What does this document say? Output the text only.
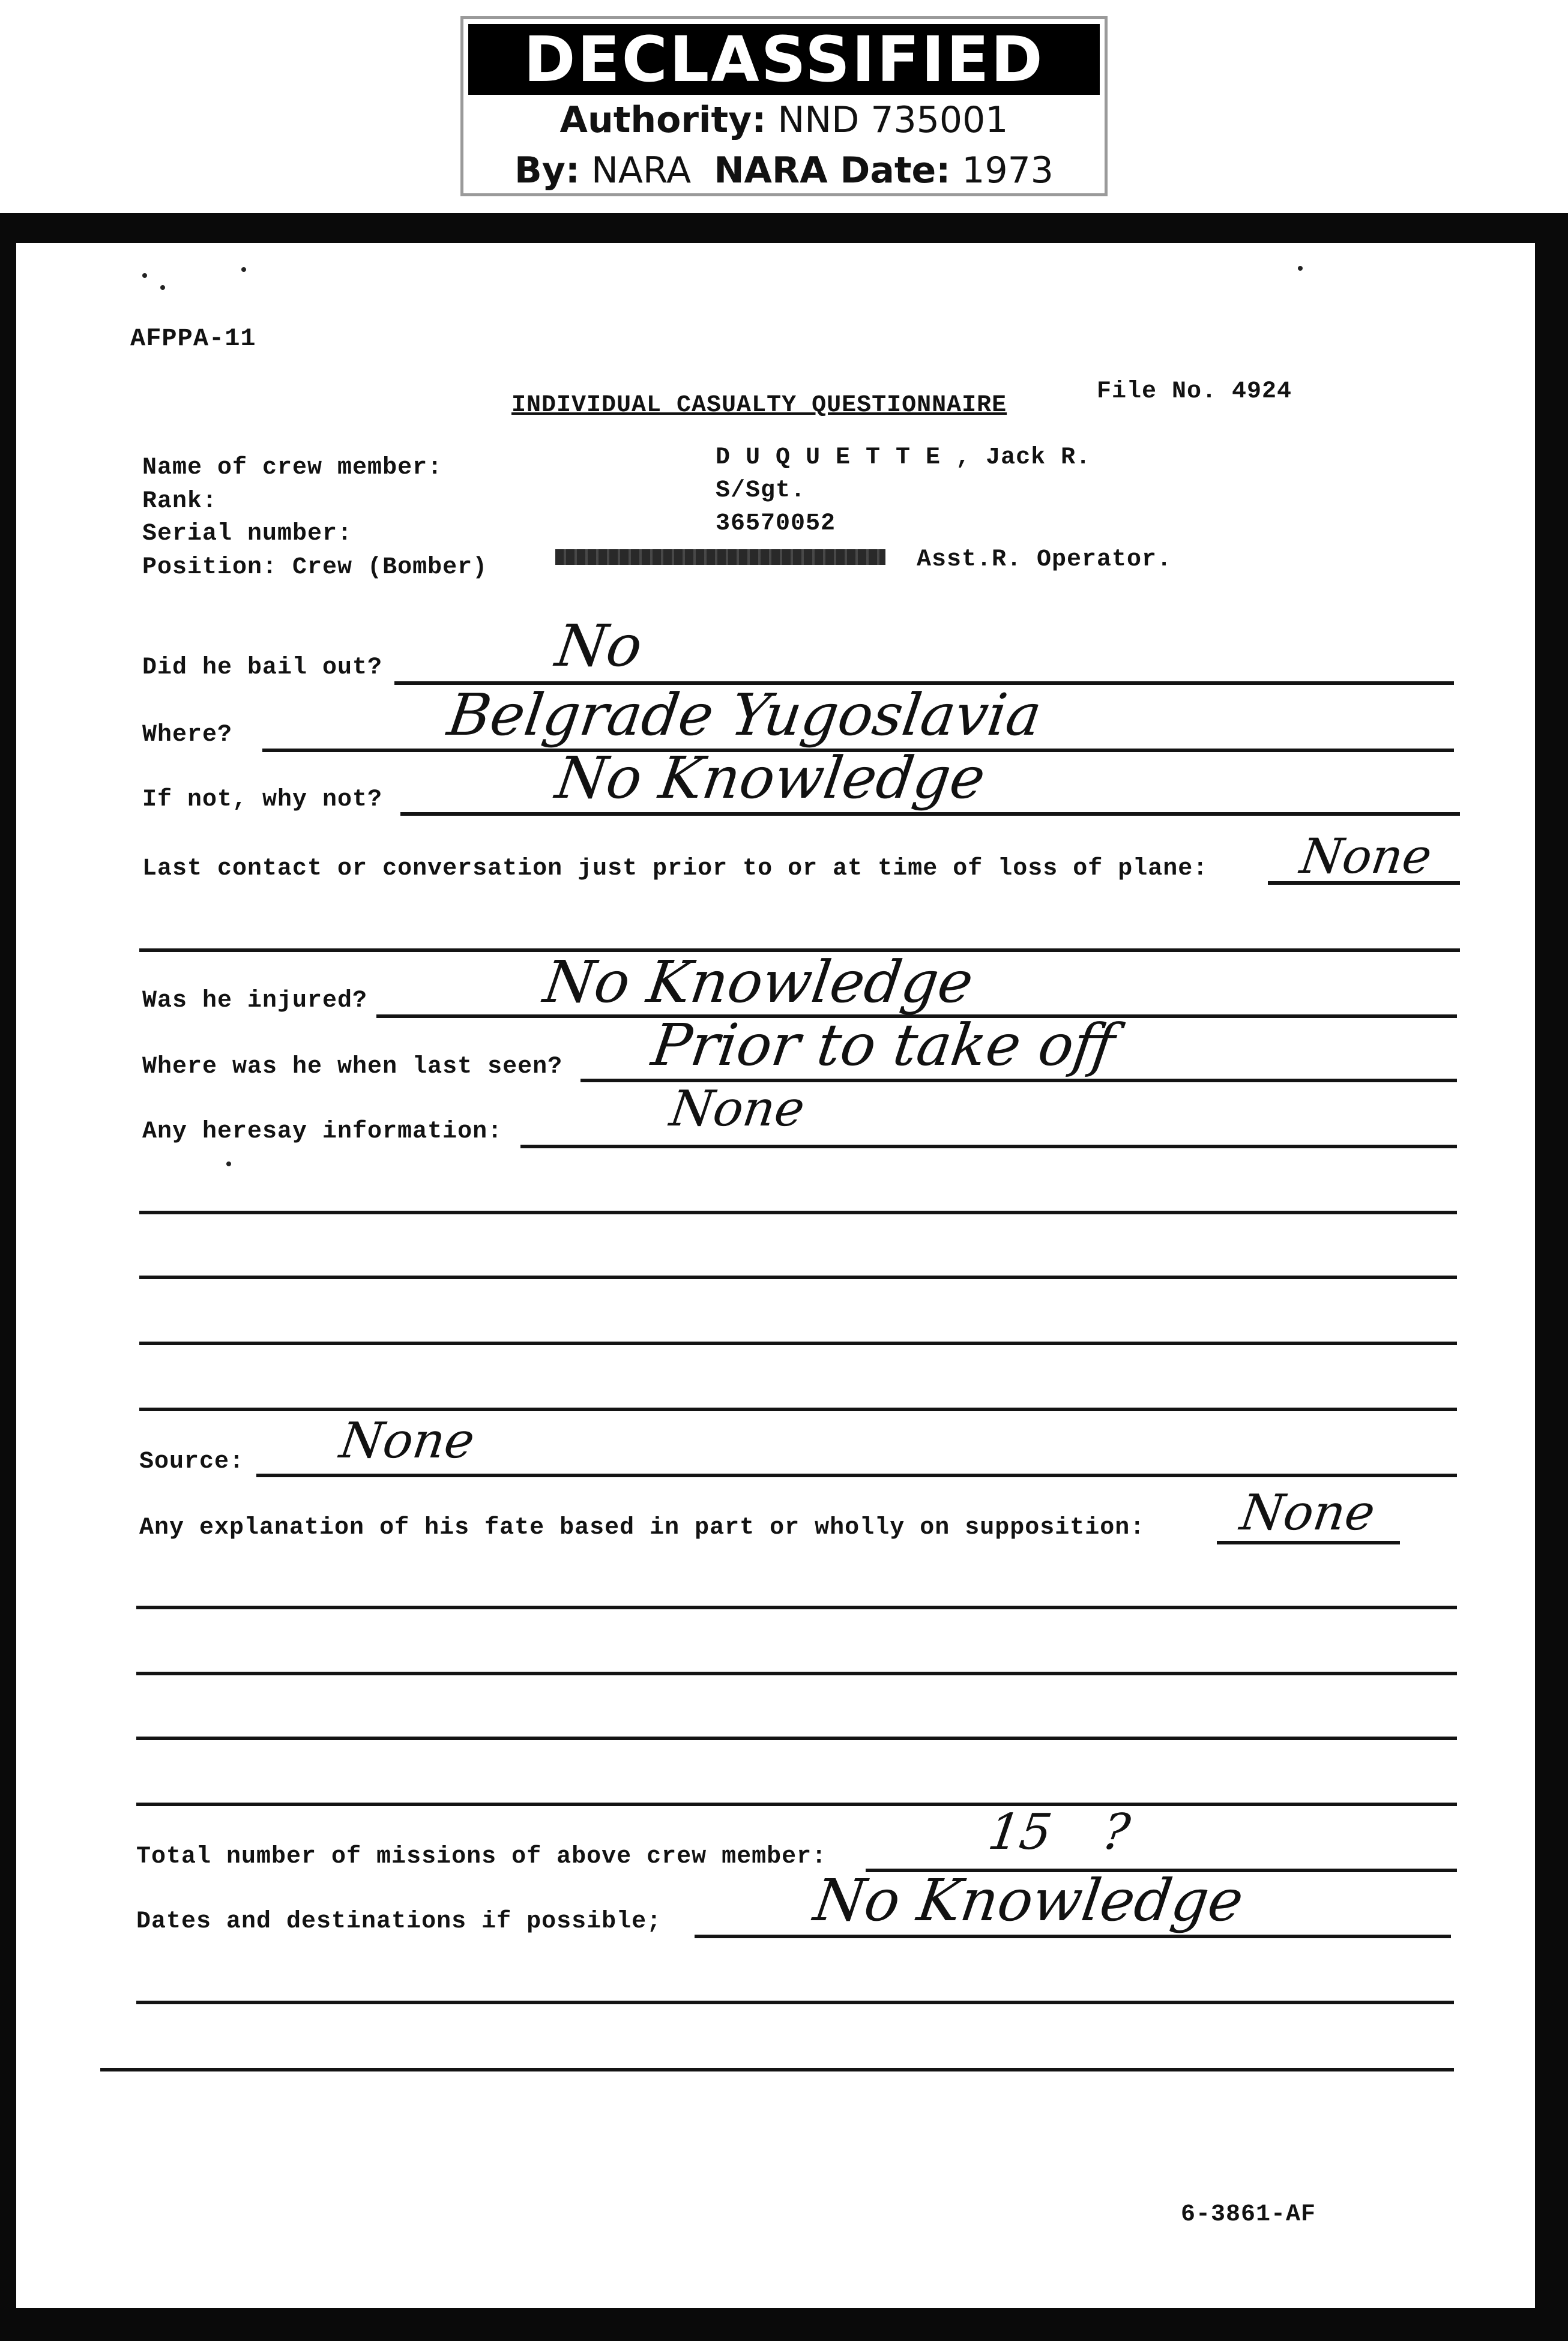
DECLASSIFIED
Authority: NND 735001
By: NARA NARA Date: 1973
AFPPA-11
INDIVIDUAL CASUALTY QUESTIONNAIRE
File No. 4924
Name of crew member:	D U Q U E T T E , Jack R.
Rank:	S/Sgt.
Serial number:	36570052
Position: Crew (Bomber)	Asst.R. Operator.
Did he bail out?	No
Where?	Belgrade Yugoslavia
If not, why not?	No Knowledge
Last contact or conversation just prior to or at time of loss of plane: None
Was he injured?	No Knowledge
Where was he when last seen? Prior to take off
Any heresay information:	None
Source: None
Any explanation of his fate based in part or wholly on supposition: None
Total number of missions of above crew member:	15 ?
Dates and destinations if possible;	No Knowledge
6-3861-AF
